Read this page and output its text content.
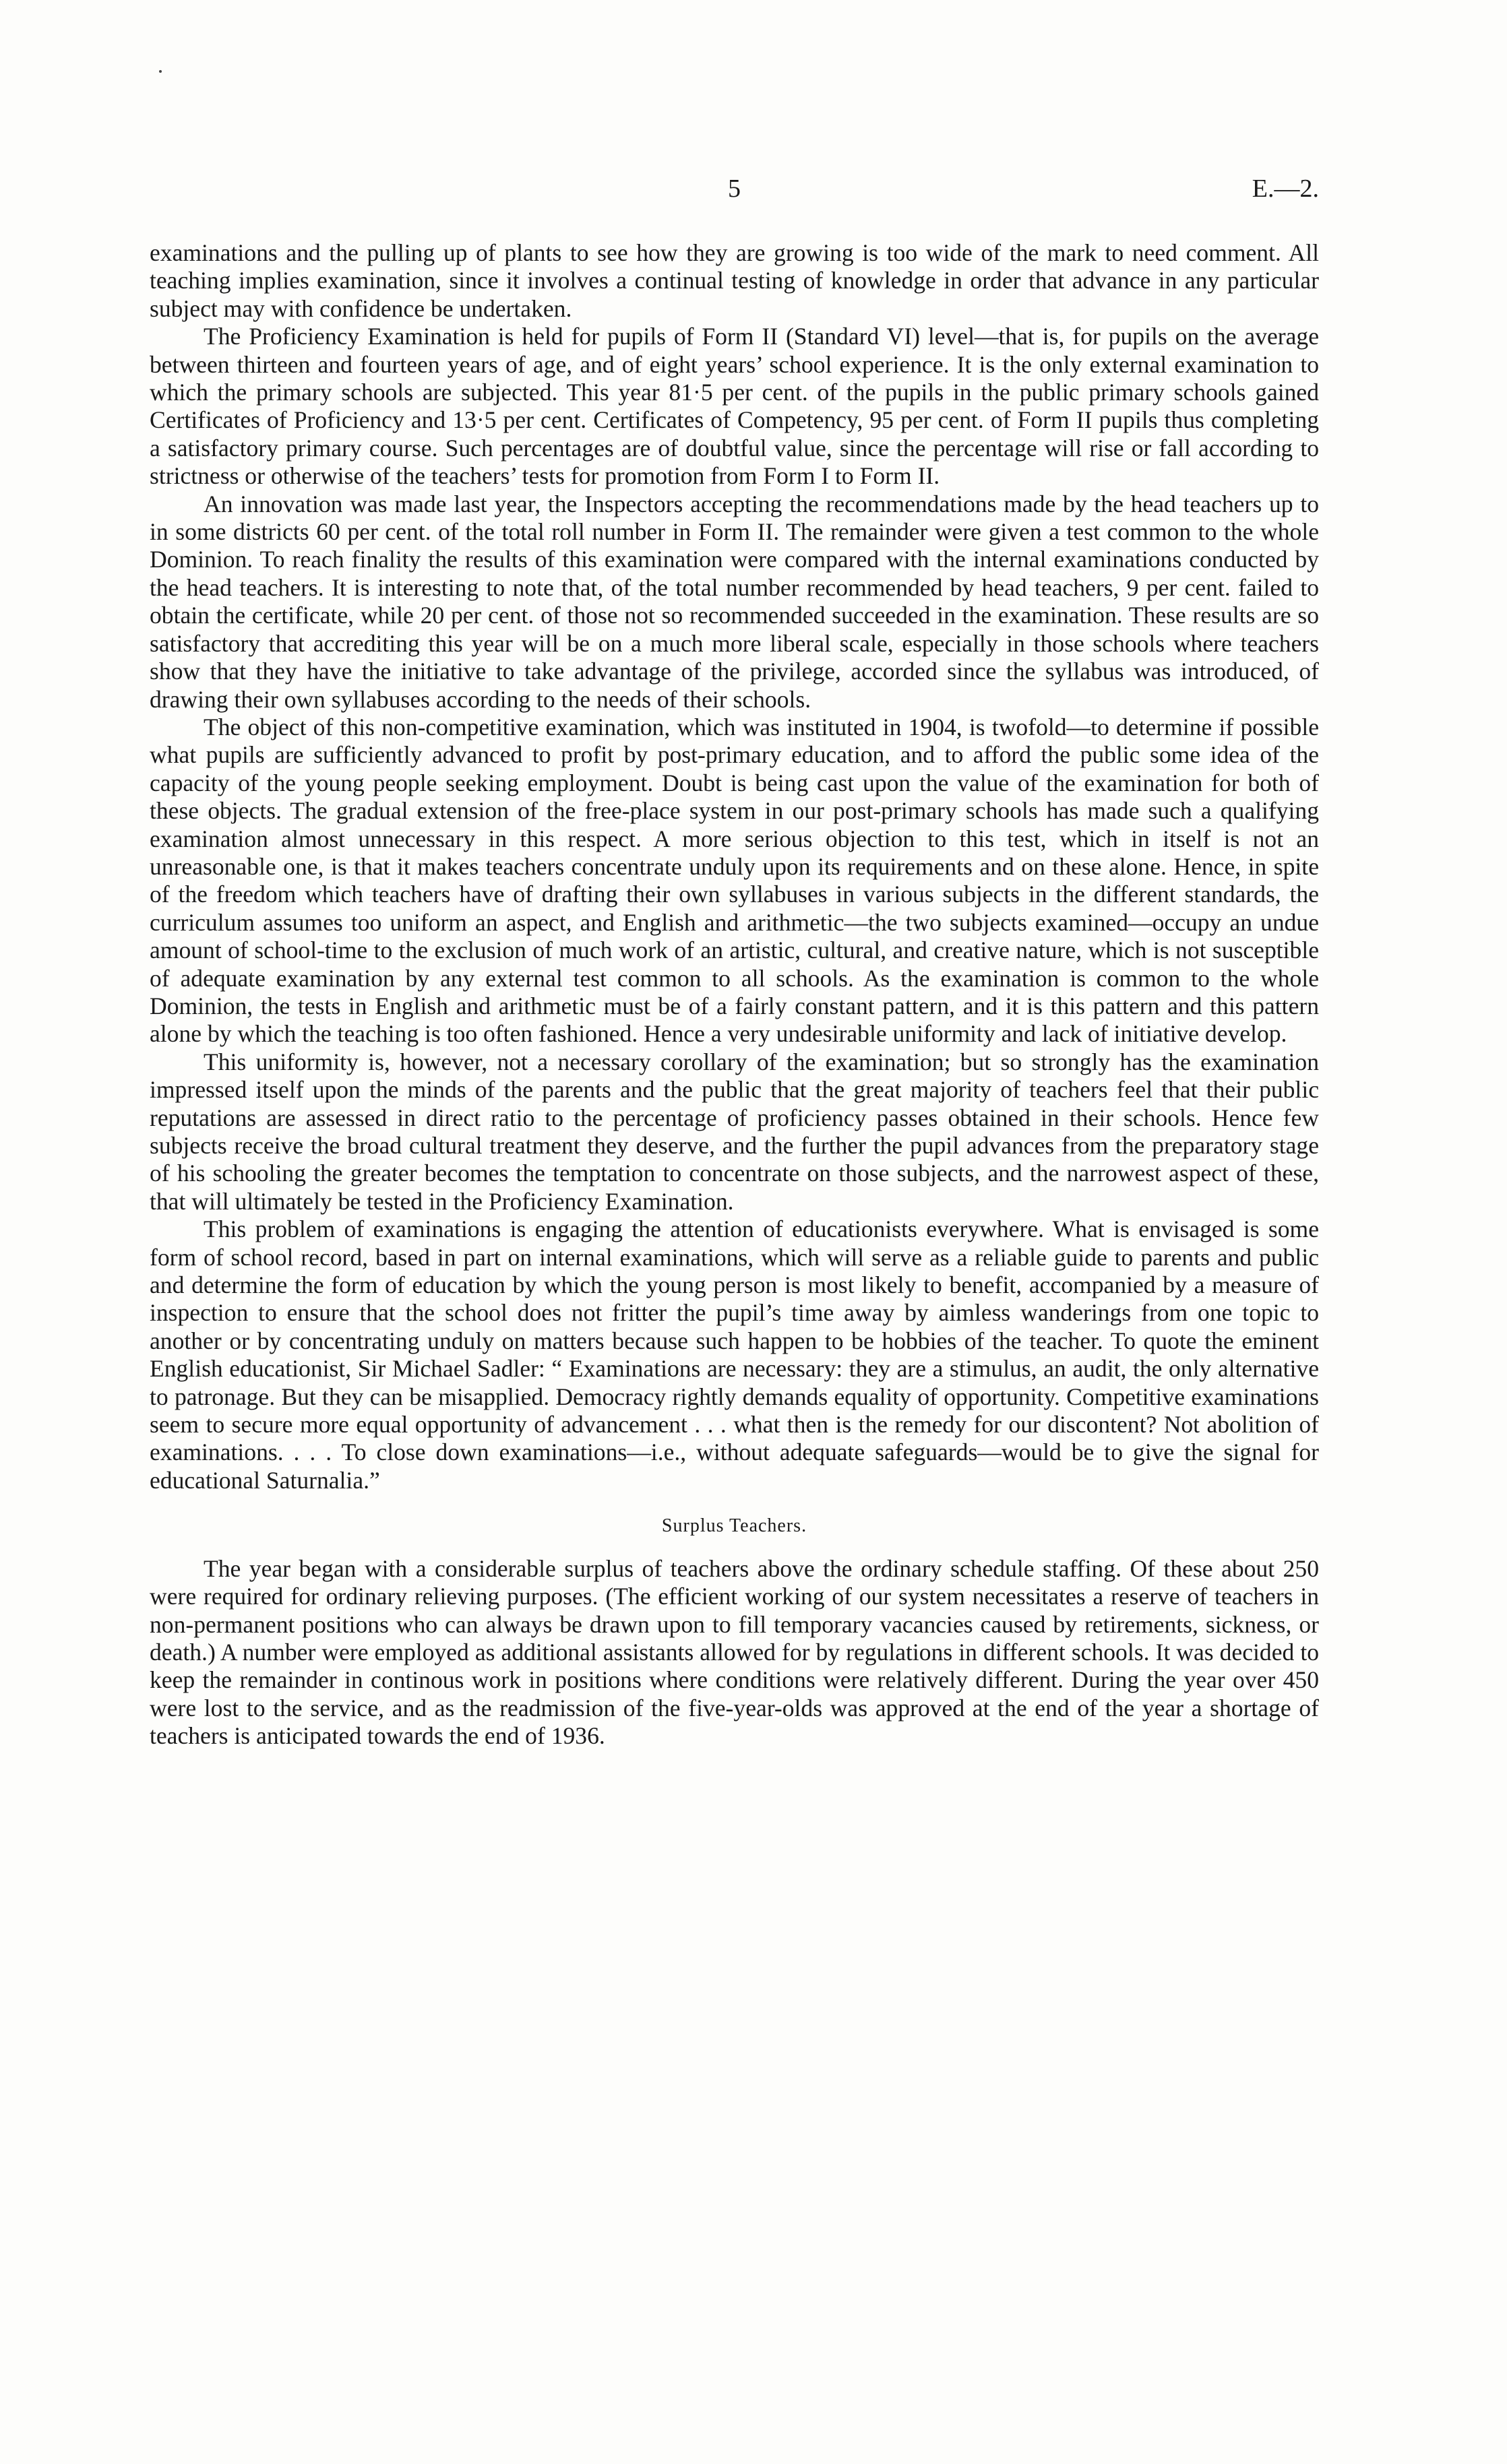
5	E.—2.

examinations and the pulling up of plants to see how they are growing is too wide of the mark to need comment. All teaching implies examination, since it involves a continual testing of knowledge in order that advance in any particular subject may with confidence be undertaken.

The Proficiency Examination is held for pupils of Form II (Standard VI) level—that is, for pupils on the average between thirteen and fourteen years of age, and of eight years’ school experience. It is the only external examination to which the primary schools are subjected. This year 81·5 per cent. of the pupils in the public primary schools gained Certificates of Proficiency and 13·5 per cent. Certificates of Competency, 95 per cent. of Form II pupils thus completing a satisfactory primary course. Such percentages are of doubtful value, since the percentage will rise or fall according to strictness or otherwise of the teachers’ tests for promotion from Form I to Form II.

An innovation was made last year, the Inspectors accepting the recommendations made by the head teachers up to in some districts 60 per cent. of the total roll number in Form II. The remainder were given a test common to the whole Dominion. To reach finality the results of this examination were compared with the internal examinations conducted by the head teachers. It is interesting to note that, of the total number recommended by head teachers, 9 per cent. failed to obtain the certificate, while 20 per cent. of those not so recommended succeeded in the examination. These results are so satisfactory that accrediting this year will be on a much more liberal scale, especially in those schools where teachers show that they have the initiative to take advantage of the privilege, accorded since the syllabus was introduced, of drawing their own syllabuses according to the needs of their schools.

The object of this non-competitive examination, which was instituted in 1904, is twofold—to determine if possible what pupils are sufficiently advanced to profit by post-primary education, and to afford the public some idea of the capacity of the young people seeking employment. Doubt is being cast upon the value of the examination for both of these objects. The gradual extension of the free-place system in our post-primary schools has made such a qualifying examination almost unnecessary in this respect. A more serious objection to this test, which in itself is not an unreasonable one, is that it makes teachers concentrate unduly upon its requirements and on these alone. Hence, in spite of the freedom which teachers have of drafting their own syllabuses in various subjects in the different standards, the curriculum assumes too uniform an aspect, and English and arithmetic—the two subjects examined—occupy an undue amount of school-time to the exclusion of much work of an artistic, cultural, and creative nature, which is not susceptible of adequate examination by any external test common to all schools. As the examination is common to the whole Dominion, the tests in English and arithmetic must be of a fairly constant pattern, and it is this pattern and this pattern alone by which the teaching is too often fashioned. Hence a very undesirable uniformity and lack of initiative develop.

This uniformity is, however, not a necessary corollary of the examination; but so strongly has the examination impressed itself upon the minds of the parents and the public that the great majority of teachers feel that their public reputations are assessed in direct ratio to the percentage of proficiency passes obtained in their schools. Hence few subjects receive the broad cultural treatment they deserve, and the further the pupil advances from the preparatory stage of his schooling the greater becomes the temptation to concentrate on those subjects, and the narrowest aspect of these, that will ultimately be tested in the Proficiency Examination.

This problem of examinations is engaging the attention of educationists everywhere. What is envisaged is some form of school record, based in part on internal examinations, which will serve as a reliable guide to parents and public and determine the form of education by which the young person is most likely to benefit, accompanied by a measure of inspection to ensure that the school does not fritter the pupil’s time away by aimless wanderings from one topic to another or by concentrating unduly on matters because such happen to be hobbies of the teacher. To quote the eminent English educationist, Sir Michael Sadler: “ Examinations are necessary: they are a stimulus, an audit, the only alternative to patronage. But they can be misapplied. Democracy rightly demands equality of opportunity. Competitive examinations seem to secure more equal opportunity of advancement . . . what then is the remedy for our discontent? Not abolition of examinations. . . . To close down examinations—i.e., without adequate safeguards—would be to give the signal for educational Saturnalia.”

Surplus Teachers.

The year began with a considerable surplus of teachers above the ordinary schedule staffing. Of these about 250 were required for ordinary relieving purposes. (The efficient working of our system necessitates a reserve of teachers in non-permanent positions who can always be drawn upon to fill temporary vacancies caused by retirements, sickness, or death.) A number were employed as additional assistants allowed for by regulations in different schools. It was decided to keep the remainder in continous work in positions where conditions were relatively different. During the year over 450 were lost to the service, and as the readmission of the five-year-olds was approved at the end of the year a shortage of teachers is anticipated towards the end of 1936.
